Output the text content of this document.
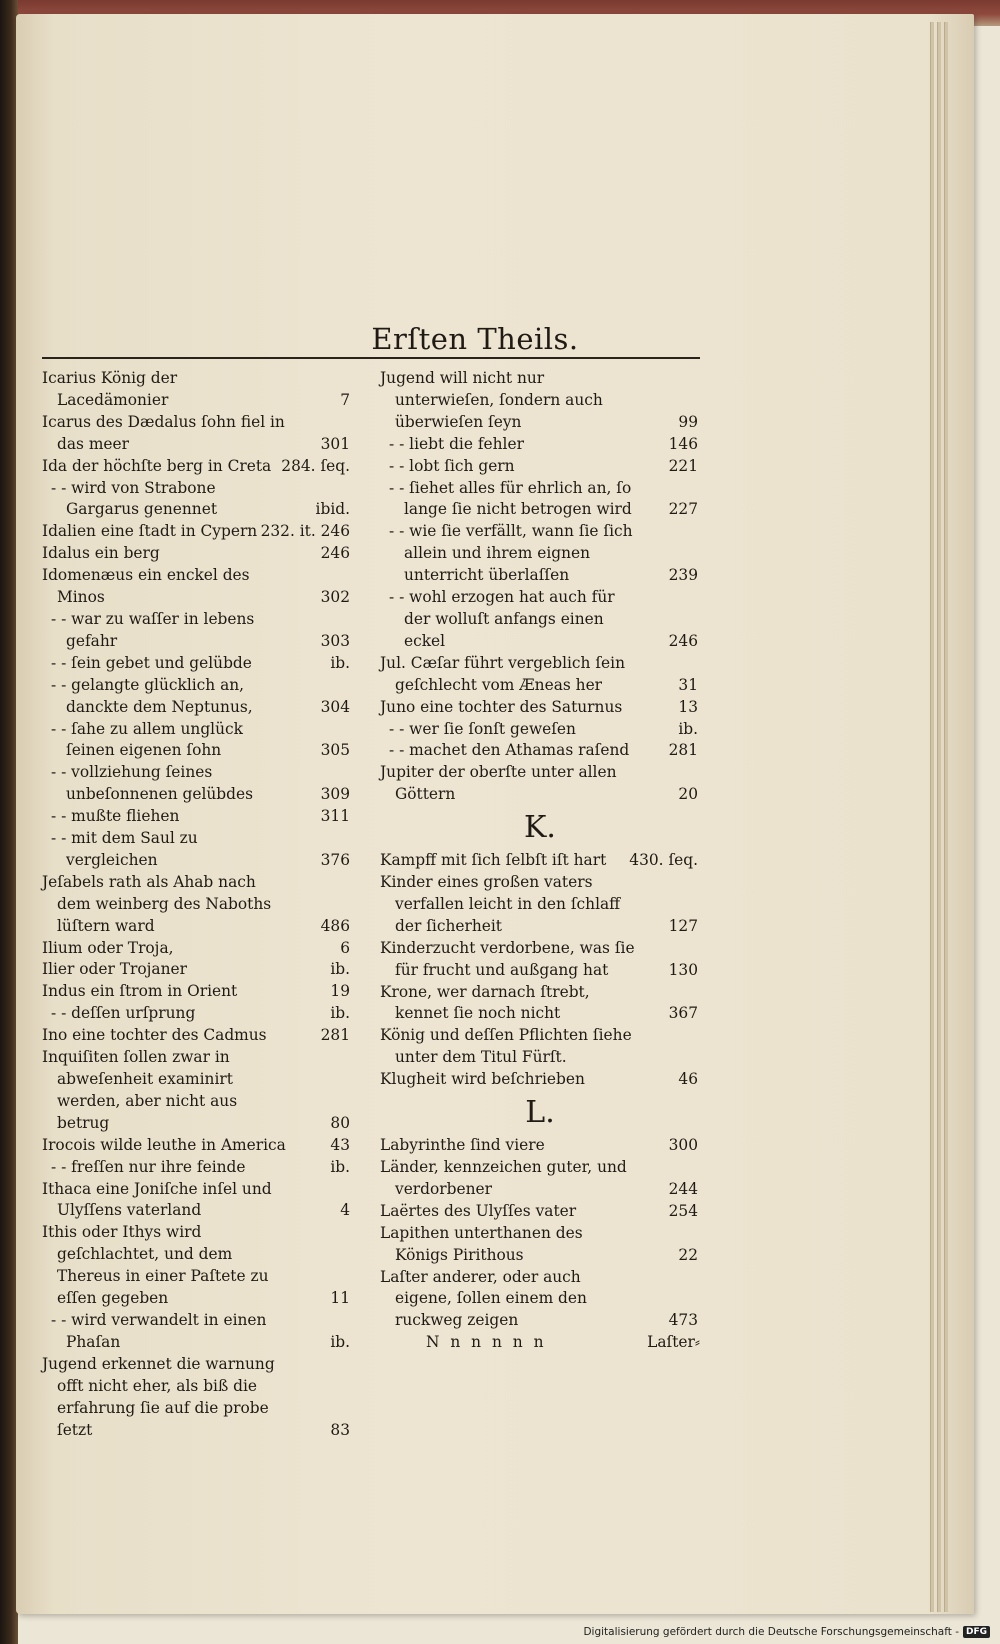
Erſten Theils.
Icarius König der Lacedämonier	7
Icarus des Dædalus ſohn fiel in das meer	301
Ida der höchſte berg in Creta 284. ſeq.
- - wird von Strabone Gargarus genennet	ibid.
Idalien eine ſtadt in Cypern 232. it. 246
Idalus ein berg	246
Idomenæus ein enckel des Minos	302
- - war zu waſſer in lebens gefahr	303
- - ſein gebet und gelübde	ib.
- - gelangte glücklich an, danckte dem Neptunus,	304
- - ſahe zu allem unglück ſeinen eigenen ſohn	305
- - vollziehung ſeines unbeſonnenen gelübdes	309
- - mußte fliehen	311
- - mit dem Saul zu vergleichen	376
Jeſabels rath als Ahab nach dem weinberg des Naboths lüſtern ward	486
Ilium oder Troja,	6
Ilier oder Trojaner	ib.
Indus ein ſtrom in Orient	19
- - deſſen urſprung	ib.
Ino eine tochter des Cadmus	281
Inquiſiten ſollen zwar in abweſenheit examinirt werden, aber nicht aus betrug	80
Irocois wilde leuthe in America	43
- - freſſen nur ihre feinde	ib.
Ithaca eine Joniſche inſel und Ulyſſens vaterland	4
Ithis oder Ithys wird geſchlachtet, und dem Thereus in einer Paſtete zu eſſen gegeben	11
- - wird verwandelt in einen Phaſan	ib.
Jugend erkennet die warnung offt nicht eher, als biß die erfahrung ſie auf die probe ſetzt	83
Jugend will nicht nur unterwieſen, ſondern auch überwieſen ſeyn	99
- - liebt die fehler	146
- - lobt ſich gern	221
- - ſiehet alles für ehrlich an, ſo lange ſie nicht betrogen wird 227
- - wie ſie verfällt, wann ſie ſich allein und ihrem eignen unterricht überlaſſen	239
- - wohl erzogen hat auch für der wolluſt anfangs einen eckel	246
Jul. Cæſar führt vergeblich ſein geſchlecht vom Æneas her	31
Juno eine tochter des Saturnus	13
- - wer ſie ſonſt geweſen	ib.
- - machet den Athamas raſend	281
Jupiter der oberſte unter allen Göttern	20
K.
Kampff mit ſich ſelbſt iſt hart 430. ſeq.
Kinder eines großen vaters verfallen leicht in den ſchlaff der ſicherheit	127
Kinderzucht verdorbene, was ſie für frucht und außgang hat	130
Krone, wer darnach ſtrebt, kennet ſie noch nicht	367
König und deſſen Pflichten ſiehe unter dem Titul Fürſt.
Klugheit wird beſchrieben	46
L.
Labyrinthe ſind viere	300
Länder, kennzeichen guter, und verdorbener	244
Laërtes des Ulyſſes vater	254
Lapithen unterthanen des Königs Pirithous	22
Laſter anderer, oder auch eigene, ſollen einem den ruckweg zeigen	473
N n n n n n	Laſter⸗
Digitalisierung gefördert durch die Deutsche Forschungsgemeinschaft - DFG
